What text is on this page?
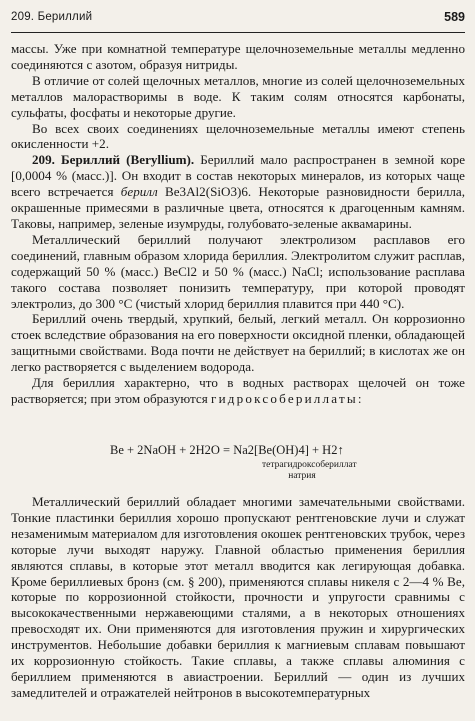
209. Бериллий	589

массы. Уже при комнатной температуре щелочноземельные металлы медленно соединяются с азотом, образуя нитриды.

В отличие от солей щелочных металлов, многие из солей щелочноземельных металлов малорастворимы в воде. К таким солям относятся карбонаты, сульфаты, фосфаты и некоторые другие.

Во всех своих соединениях щелочноземельные металлы имеют степень окисленности +2.

209. Бериллий (Beryllium). Бериллий мало распространен в земной коре [0,0004 % (масс.)]. Он входит в состав некоторых минералов, из которых чаще всего встречается берилл Be3Al2(SiO3)6. Некоторые разновидности берилла, окрашенные примесями в различные цвета, относятся к драгоценным камням. Таковы, например, зеленые изумруды, голубовато-зеленые аквамарины.

Металлический бериллий получают электролизом расплавов его соединений, главным образом хлорида бериллия. Электролитом служит расплав, содержащий 50 % (масс.) BeCl2 и 50 % (масс.) NaCl; использование расплава такого состава позволяет понизить температуру, при которой проводят электролиз, до 300 °C (чистый хлорид бериллия плавится при 440 °C).

Бериллий очень твердый, хрупкий, белый, легкий металл. Он коррозионно стоек вследствие образования на его поверхности оксидной пленки, обладающей защитными свойствами. Вода почти не действует на бериллий; в кислотах же он легко растворяется с выделением водорода.

Для бериллия характерно, что в водных растворах щелочей он тоже растворяется; при этом образуются гидроксобериллаты:

Be + 2NaOH + 2H2O = Na2[Be(OH)4] + H2↑
тетрагидроксобериллат натрия

Металлический бериллий обладает многими замечательными свойствами. Тонкие пластинки бериллия хорошо пропускают рентгеновские лучи и служат незаменимым материалом для изготовления окошек рентгеновских трубок, через которые лучи выходят наружу. Главной областью применения бериллия являются сплавы, в которые этот металл вводится как легирующая добавка. Кроме бериллиевых бронз (см. § 200), применяются сплавы никеля с 2—4 % Be, которые по коррозионной стойкости, прочности и упругости сравнимы с высококачественными нержавеющими сталями, а в некоторых отношениях превосходят их. Они применяются для изготовления пружин и хирургических инструментов. Небольшие добавки бериллия к магниевым сплавам повышают их коррозионную стойкость. Такие сплавы, а также сплавы алюминия с бериллием применяются в авиастроении. Бериллий — один из лучших замедлителей и отражателей нейтронов в высокотемпературных
